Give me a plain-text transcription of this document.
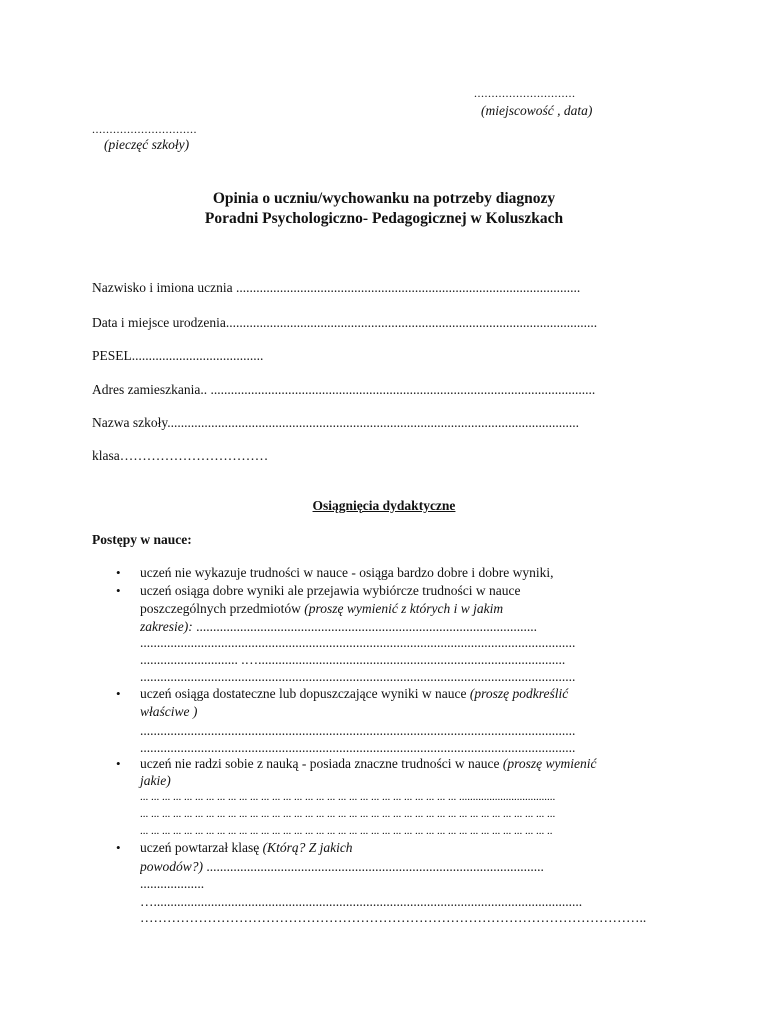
.............................
(miejscowość , data)
..............................
(pieczęć szkoły)
Opinia o uczniu/wychowanku na potrzeby diagnozy
Poradni Psychologiczno- Pedagogicznej w Koluszkach
Nazwisko i imiona ucznia ......................................................................................................
Data i miejsce urodzenia..............................................................................................................
PESEL.......................................
Adres zamieszkania.. ..................................................................................................................
Nazwa szkoły..........................................................................................................................
klasa……………………………
Osiągnięcia dydaktyczne
Postępy w nauce:
• uczeń nie wykazuje trudności w nauce - osiąga bardzo dobre i dobre wyniki,
• uczeń osiąga dobre wyniki ale przejawia wybiórcze trudności w nauce
poszczególnych przedmiotów (proszę wymienić z których i w jakim
zakresie): .....................................................................................................
.................................................................................................................................
............................. .…...........................................................................................
.................................................................................................................................
• uczeń osiąga dostateczne lub dopuszczające wyniki w nauce (proszę podkreślić
właściwe )
.................................................................................................................................
.................................................................................................................................
• uczeń nie radzi sobie z nauką - posiada znaczne trudności w nauce (proszę wymienić
jakie)
... ... ... ... ... ... ... ... ... ... ... ... ... ... ... ... ... ... ... ... ... ... ... ... ... ... ... ... ... ...................................
... ... ... ... ... ... ... ... ... ... ... ... ... ... ... ... ... ... ... ... ... ... ... ... ... ... ... ... ... ... ... ... ... ... ... ... ... ...
... ... ... ... ... ... ... ... ... ... ... ... ... ... ... ... ... ... ... ... ... ... ... ... ... ... ... ... ... ... ... ... ... ... ... ... ... ..
• uczeń powtarzał klasę (Którą? Z jakich
powodów?) ....................................................................................................
...................
…...............................................................................................................................
…………………………………………………………………………………………………..
